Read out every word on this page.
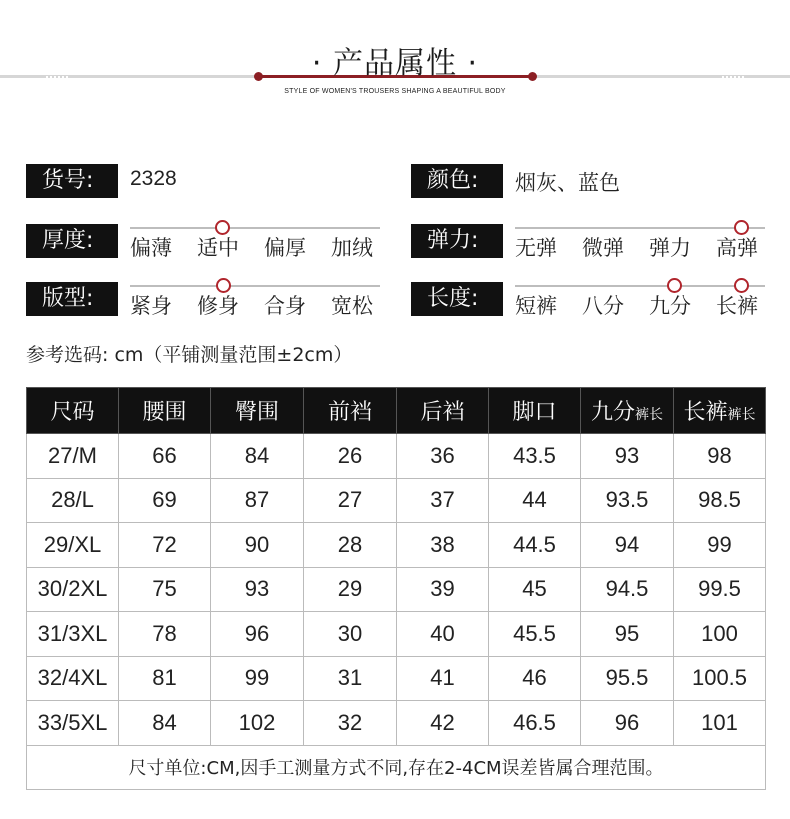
· 产品属性 ·
STYLE OF WOMEN'S TROUSERS SHAPING A BEAUTIFUL BODY
货号:	2328	颜色:	烟灰、蓝色
厚度:	偏薄 适中 偏厚 加绒	弹力:	无弹 微弹 弹力 高弹
版型:	紧身 修身 合身 宽松	长度:	短裤 八分 九分 长裤
参考选码: cm（平铺测量范围±2cm）
尺码	腰围	臀围	前裆	后裆	脚口	九分裤长	长裤裤长
27/M	66	84	26	36	43.5	93	98
28/L	69	87	27	37	44	93.5	98.5
29/XL	72	90	28	38	44.5	94	99
30/2XL	75	93	29	39	45	94.5	99.5
31/3XL	78	96	30	40	45.5	95	100
32/4XL	81	99	31	41	46	95.5	100.5
33/5XL	84	102	32	42	46.5	96	101
尺寸单位:CM,因手工测量方式不同,存在2-4CM误差皆属合理范围。							
